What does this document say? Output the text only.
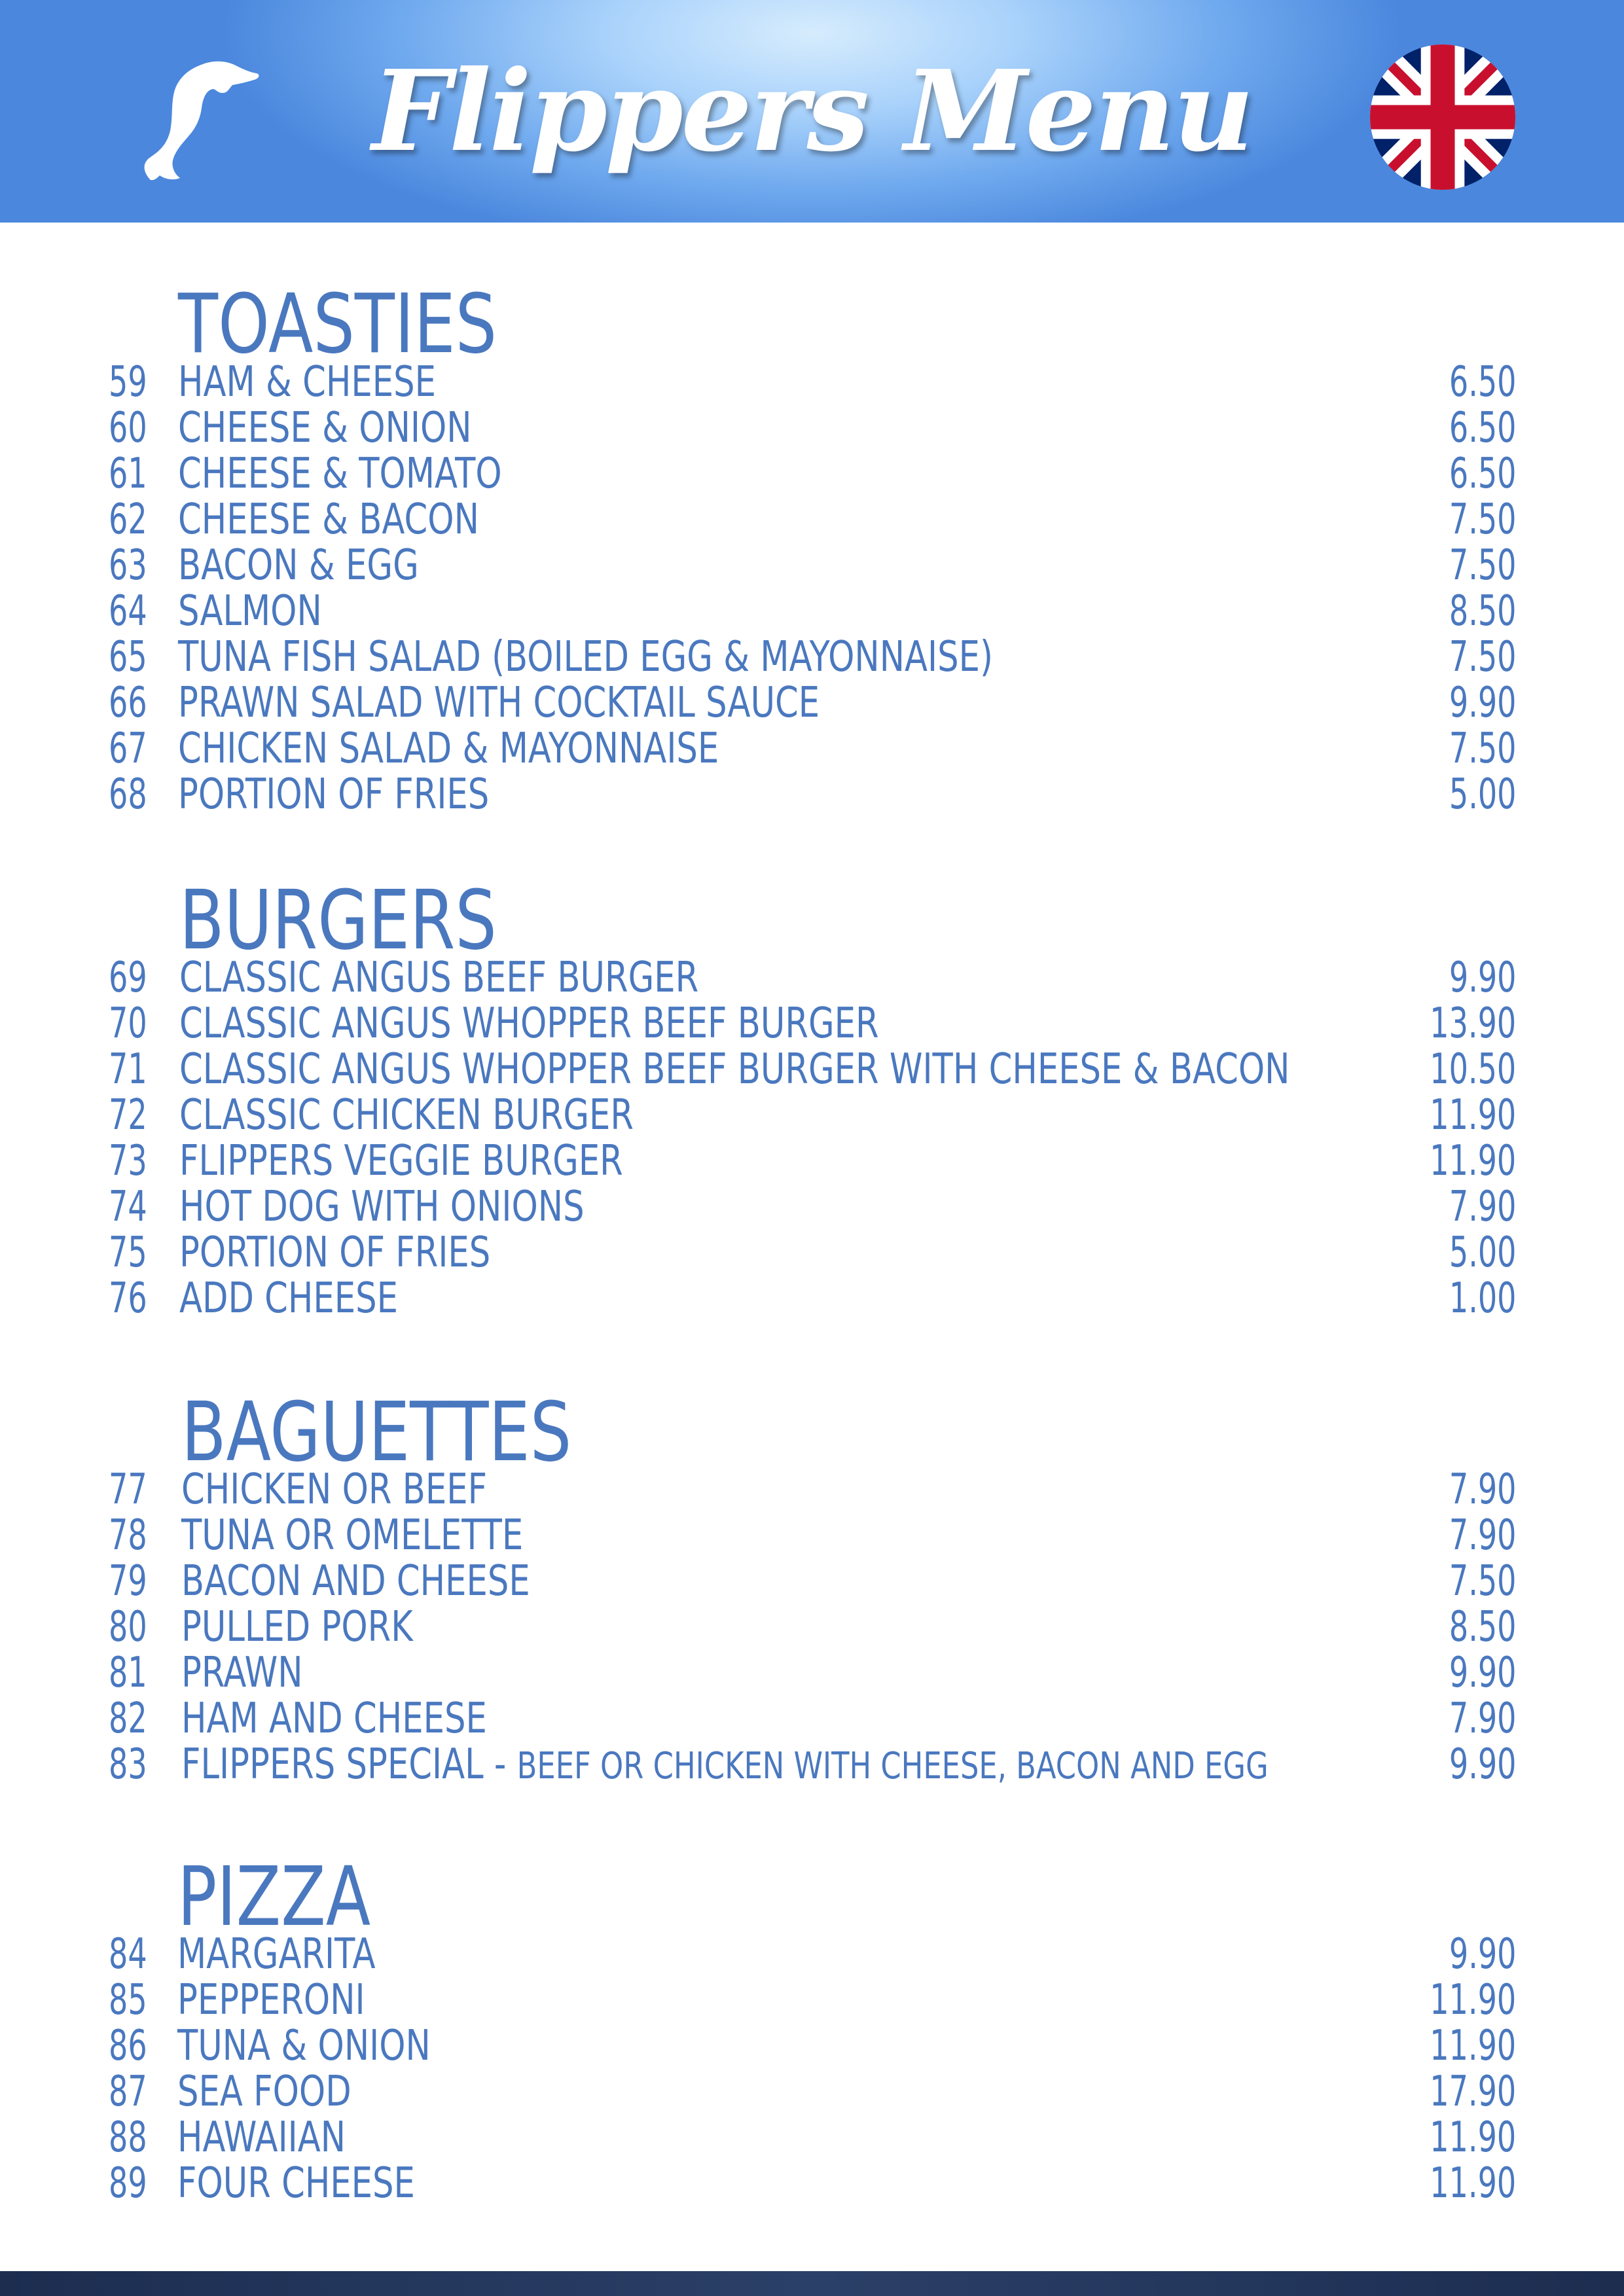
Flippers Menu
TOASTIES
59 HAM & CHEESE	6.50
60 CHEESE & ONION	6.50
61 CHEESE & TOMATO	6.50
62 CHEESE & BACON	7.50
63 BACON & EGG	7.50
64 SALMON	8.50
65 TUNA FISH SALAD (BOILED EGG & MAYONNAISE)	7.50
66 PRAWN SALAD WITH COCKTAIL SAUCE	9.90
67 CHICKEN SALAD & MAYONNAISE	7.50
68 PORTION OF FRIES	5.00
BURGERS
69 CLASSIC ANGUS BEEF BURGER	9.90
70 CLASSIC ANGUS WHOPPER BEEF BURGER	13.90
71 CLASSIC ANGUS WHOPPER BEEF BURGER WITH CHEESE & BACON	10.50
72 CLASSIC CHICKEN BURGER	11.90
73 FLIPPERS VEGGIE BURGER	11.90
74 HOT DOG WITH ONIONS	7.90
75 PORTION OF FRIES	5.00
76 ADD CHEESE	1.00
BAGUETTES
77 CHICKEN OR BEEF	7.90
78 TUNA OR OMELETTE	7.90
79 BACON AND CHEESE	7.50
80 PULLED PORK	8.50
81 PRAWN	9.90
82 HAM AND CHEESE	7.90
83 FLIPPERS SPECIAL - BEEF OR CHICKEN WITH CHEESE, BACON AND EGG	9.90
PIZZA
84 MARGARITA	9.90
85 PEPPERONI	11.90
86 TUNA & ONION	11.90
87 SEA FOOD	17.90
88 HAWAIIAN	11.90
89 FOUR CHEESE	11.90
